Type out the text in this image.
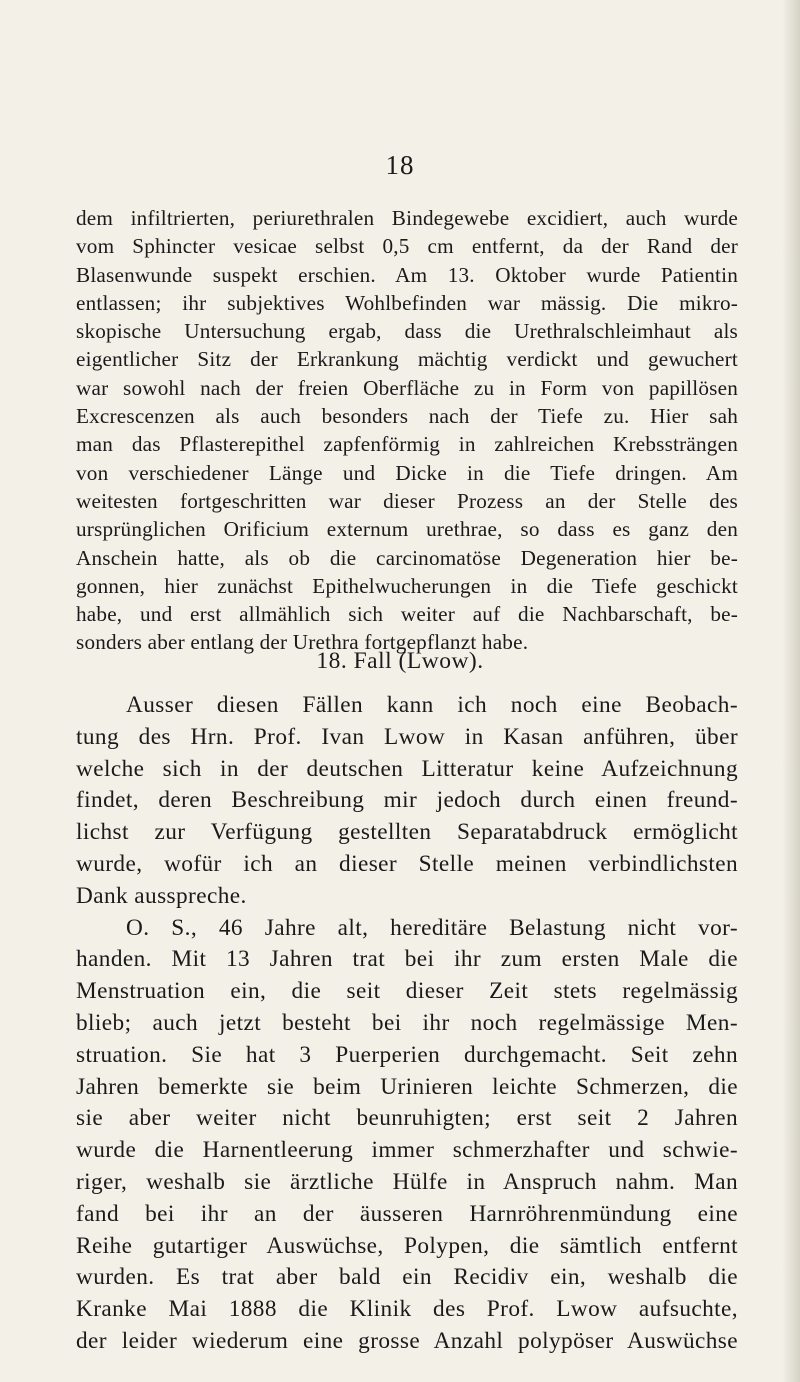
18
dem infiltrierten, periurethralen Bindegewebe excidiert, auch wurde
vom Sphincter vesicae selbst 0,5 cm entfernt, da der Rand der
Blasenwunde suspekt erschien. Am 13. Oktober wurde Patientin
entlassen; ihr subjektives Wohlbefinden war mässig. Die mikro-
skopische Untersuchung ergab, dass die Urethralschleimhaut als
eigentlicher Sitz der Erkrankung mächtig verdickt und gewuchert
war sowohl nach der freien Oberfläche zu in Form von papillösen
Excrescenzen als auch besonders nach der Tiefe zu. Hier sah
man das Pflasterepithel zapfenförmig in zahlreichen Krebssträngen
von verschiedener Länge und Dicke in die Tiefe dringen. Am
weitesten fortgeschritten war dieser Prozess an der Stelle des
ursprünglichen Orificium externum urethrae, so dass es ganz den
Anschein hatte, als ob die carcinomatöse Degeneration hier be-
gonnen, hier zunächst Epithelwucherungen in die Tiefe geschickt
habe, und erst allmählich sich weiter auf die Nachbarschaft, be-
sonders aber entlang der Urethra fortgepflanzt habe.
18. Fall (Lwow).
Ausser diesen Fällen kann ich noch eine Beobach-
tung des Hrn. Prof. Ivan Lwow in Kasan anführen, über
welche sich in der deutschen Litteratur keine Aufzeichnung
findet, deren Beschreibung mir jedoch durch einen freund-
lichst zur Verfügung gestellten Separatabdruck ermöglicht
wurde, wofür ich an dieser Stelle meinen verbindlichsten
Dank ausspreche.
O. S., 46 Jahre alt, hereditäre Belastung nicht vor-
handen. Mit 13 Jahren trat bei ihr zum ersten Male die
Menstruation ein, die seit dieser Zeit stets regelmässig
blieb; auch jetzt besteht bei ihr noch regelmässige Men-
struation. Sie hat 3 Puerperien durchgemacht. Seit zehn
Jahren bemerkte sie beim Urinieren leichte Schmerzen, die
sie aber weiter nicht beunruhigten; erst seit 2 Jahren
wurde die Harnentleerung immer schmerzhafter und schwie-
riger, weshalb sie ärztliche Hülfe in Anspruch nahm. Man
fand bei ihr an der äusseren Harnröhrenmündung eine
Reihe gutartiger Auswüchse, Polypen, die sämtlich entfernt
wurden. Es trat aber bald ein Recidiv ein, weshalb die
Kranke Mai 1888 die Klinik des Prof. Lwow aufsuchte,
der leider wiederum eine grosse Anzahl polypöser Auswüchse
